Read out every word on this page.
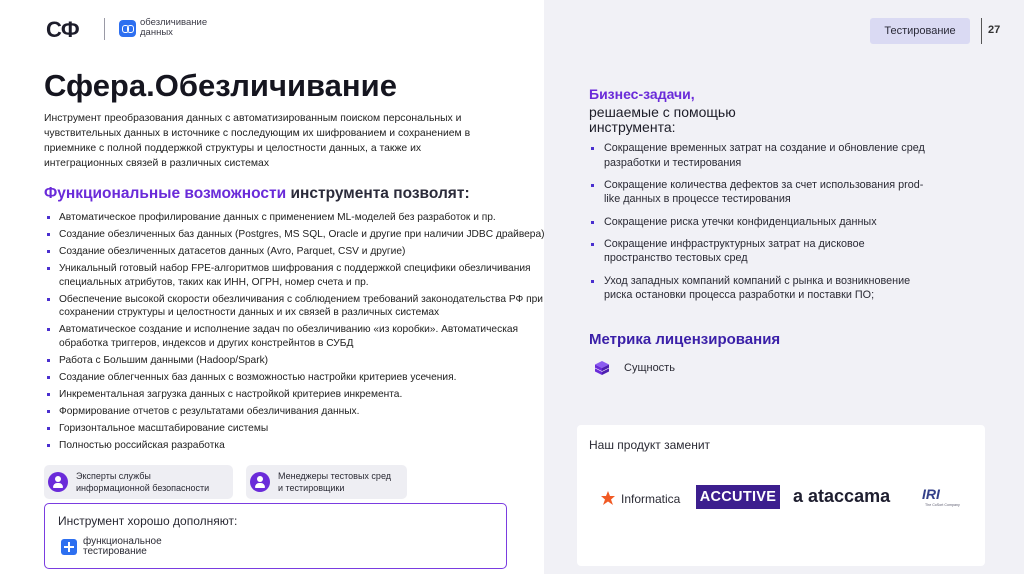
СФ	обезличивание данных	Тестирование	27
Сфера.Обезличивание
Инструмент преобразования данных с автоматизированным поиском персональных и чувствительных данных в источнике с последующим их шифрованием и сохранением в приемнике с полной поддержкой структуры и целостности данных, а также их интеграционных связей в различных системах
Функциональные возможности инструмента позволят:
Автоматическое профилирование данных с применением ML-моделей без разработок и пр.
Создание обезличенных баз данных (Postgres, MS SQL, Oracle и другие при наличии JDBC драйвера)
Создание обезличенных датасетов данных (Avro, Parquet, CSV и другие)
Уникальный готовый набор FPE-алгоритмов шифрования с поддержкой специфики обезличивания специальных атрибутов, таких как ИНН, ОГРН, номер счета и пр.
Обеспечение высокой скорости обезличивания с соблюдением требований законодательства РФ при сохранении структуры и целостности данных и их связей в различных системах
Автоматическое создание и исполнение задач по обезличиванию «из коробки». Автоматическая обработка триггеров, индексов и других констрейнтов в СУБД
Работа с Большим данными (Hadoop/Spark)
Создание облегченных баз данных с возможностью настройки критериев усечения.
Инкрементальная загрузка данных с настройкой критериев инкремента.
Формирование отчетов с результатами обезличивания данных.
Горизонтальное масштабирование системы
Полностью российская разработка
Эксперты службы
информационной безопасности
Менеджеры тестовых сред
и тестировщики
Инструмент хорошо дополняют:
функциональное
тестирование
Бизнес-задачи,
решаемые с помощью инструмента:
Сокращение временных затрат на создание и обновление сред разработки и тестирования
Сокращение количества дефектов за счет использования prod-like данных в процессе тестирования
Сокращение риска утечки конфиденциальных данных
Сокращение инфраструктурных затрат на дисковое пространство тестовых сред
Уход западных компаний компаний с рынка и возникновение риска остановки процесса разработки и поставки ПО;
Метрика лицензирования
Сущность
Наш продукт заменит
Informatica ACCUTIVE a ataccama IRI
The CoSort Company
